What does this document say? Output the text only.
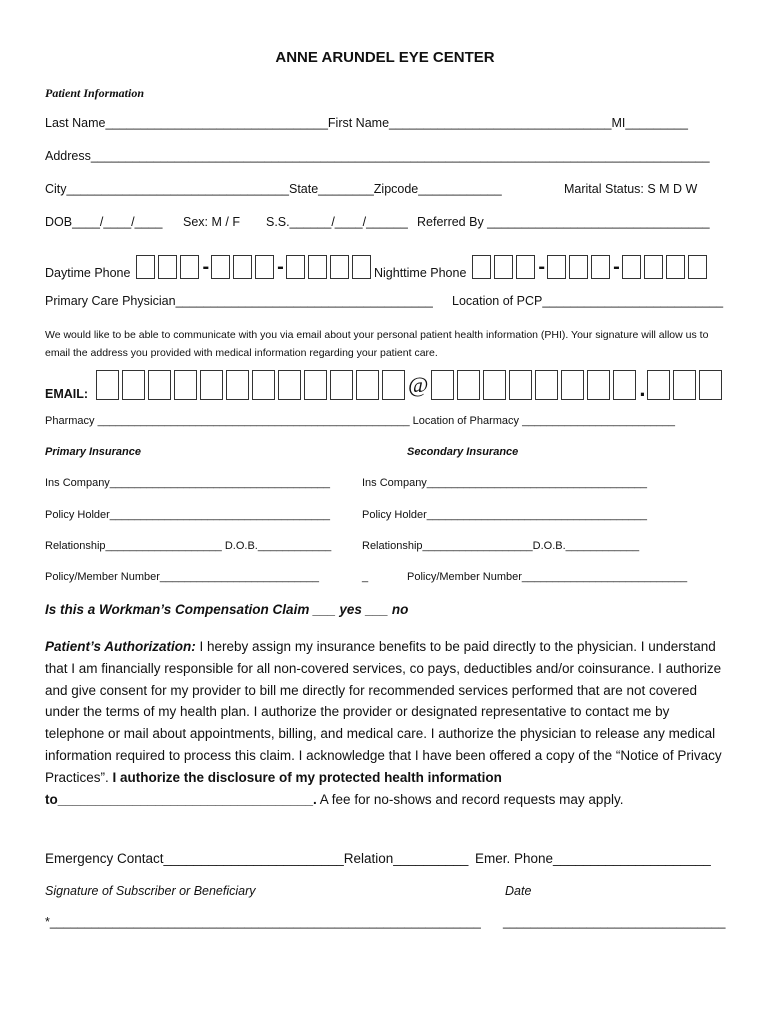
ANNE ARUNDEL EYE CENTER
Patient Information
Last Name________________________________First Name________________________________MI_________
Address_________________________________________________________________________________________
City________________________________State________Zipcode____________	Marital Status: S M D W
DOB____/____/____ Sex: M / F S.S.______/____/______ Referred By ________________________________
Daytime Phone	-	-	Nighttime Phone	-	-
Primary Care Physician_____________________________________ Location of PCP__________________________
We would like to be able to communicate with you via email about your personal patient health information (PHI). Your signature will allow us to email the address you provided with medical information regarding your patient care.
EMAIL:	@	.
Pharmacy ___________________________________________________ Location of Pharmacy _________________________
Primary Insurance	Secondary Insurance
Ins Company____________________________________	Ins Company____________________________________
Policy Holder____________________________________	Policy Holder____________________________________
Relationship___________________ D.O.B.____________	Relationship__________________D.O.B.____________
Policy/Member Number__________________________	_	Policy/Member Number___________________________
Is this a Workman’s Compensation Claim ___ yes ___ no
Patient’s Authorization: I hereby assign my insurance benefits to be paid directly to the physician. I understand that I am financially responsible for all non-covered services, co pays, deductibles and/or coinsurance. I authorize and give consent for my provider to bill me directly for recommended services performed that are not covered under the terms of my health plan. I authorize the provider or designated representative to contact me by telephone or mail about appointments, billing, and medical care. I authorize the physician to release any medical information required to process this claim. I acknowledge that I have been offered a copy of the “Notice of Privacy Practices”. I authorize the disclosure of my protected health information to__________________________________. A fee for no-shows and record requests may apply.
Emergency Contact________________________Relation__________ Emer. Phone_____________________
Signature of Subscriber or Beneficiary	Date
*______________________________________________________________ ________________________________
